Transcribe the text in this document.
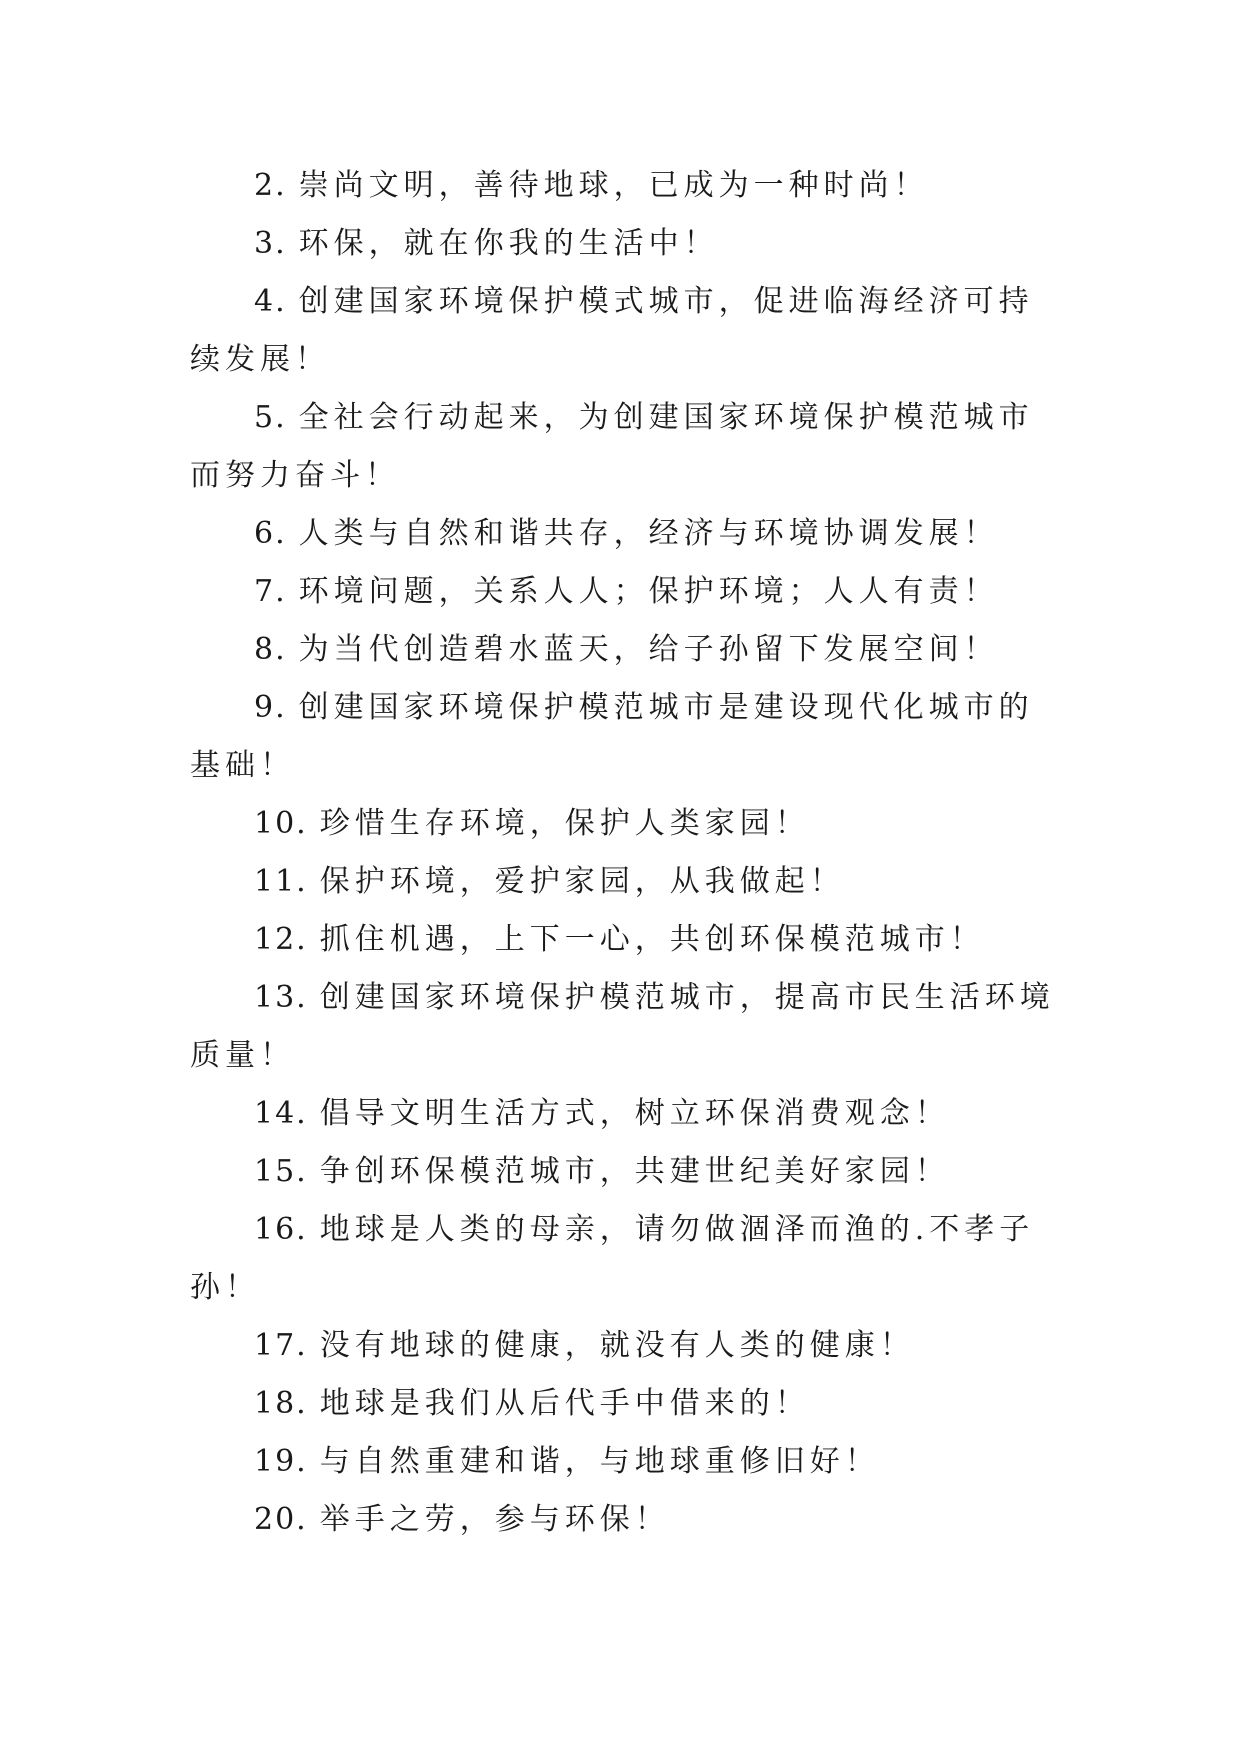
2. 崇尚文明，善待地球，已成为一种时尚！

3. 环保，就在你我的生活中！

4. 创建国家环境保护模式城市，促进临海经济可持续发展！

5. 全社会行动起来，为创建国家环境保护模范城市而努力奋斗！

6. 人类与自然和谐共存，经济与环境协调发展！

7. 环境问题，关系人人；保护环境；人人有责！

8. 为当代创造碧水蓝天，给子孙留下发展空间！

9. 创建国家环境保护模范城市是建设现代化城市的基础！

10. 珍惜生存环境，保护人类家园！

11. 保护环境，爱护家园，从我做起！

12. 抓住机遇，上下一心，共创环保模范城市！

13. 创建国家环境保护模范城市，提高市民生活环境质量！

14. 倡导文明生活方式，树立环保消费观念！

15. 争创环保模范城市，共建世纪美好家园！

16. 地球是人类的母亲，请勿做涸泽而渔的.不孝子孙！

17. 没有地球的健康，就没有人类的健康！

18. 地球是我们从后代手中借来的！

19. 与自然重建和谐，与地球重修旧好！

20. 举手之劳，参与环保！
